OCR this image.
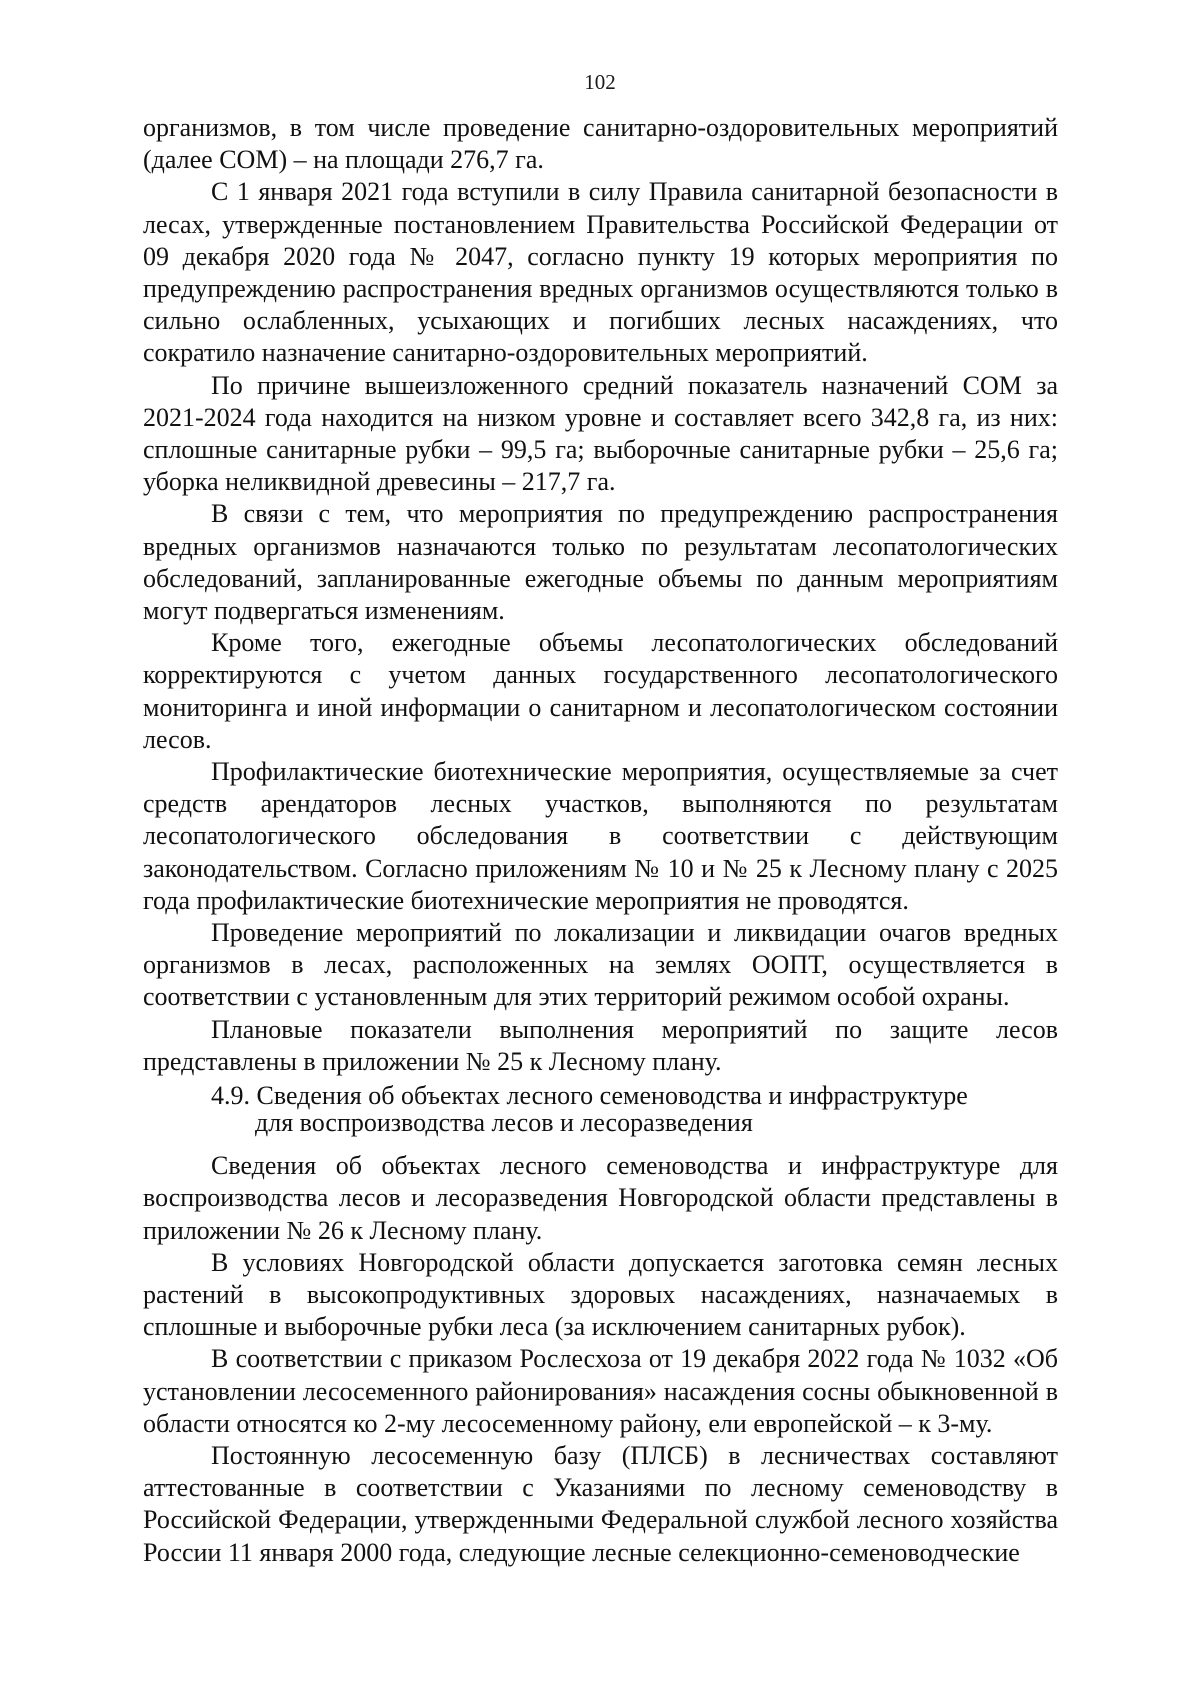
102

организмов, в том числе проведение санитарно-оздоровительных мероприятий (далее СОМ) – на площади 276,7 га.

С 1 января 2021 года вступили в силу Правила санитарной безопасности в лесах, утвержденные постановлением Правительства Российской Федерации от 09 декабря 2020 года № 2047, согласно пункту 19 которых мероприятия по предупреждению распространения вредных организмов осуществляются только в сильно ослабленных, усыхающих и погибших лесных насаждениях, что сократило назначение санитарно-оздоровительных мероприятий.

По причине вышеизложенного средний показатель назначений СОМ за 2021-2024 года находится на низком уровне и составляет всего 342,8 га, из них: сплошные санитарные рубки – 99,5 га; выборочные санитарные рубки – 25,6 га; уборка неликвидной древесины – 217,7 га.

В связи с тем, что мероприятия по предупреждению распространения вредных организмов назначаются только по результатам лесопатологических обследований, запланированные ежегодные объемы по данным мероприятиям могут подвергаться изменениям.

Кроме того, ежегодные объемы лесопатологических обследований корректируются с учетом данных государственного лесопатологического мониторинга и иной информации о санитарном и лесопатологическом состоянии лесов.

Профилактические биотехнические мероприятия, осуществляемые за счет средств арендаторов лесных участков, выполняются по результатам лесопатологического обследования в соответствии с действующим законодательством. Согласно приложениям № 10 и № 25 к Лесному плану с 2025 года профилактические биотехнические мероприятия не проводятся.

Проведение мероприятий по локализации и ликвидации очагов вредных организмов в лесах, расположенных на землях ООПТ, осуществляется в соответствии с установленным для этих территорий режимом особой охраны.

Плановые показатели выполнения мероприятий по защите лесов представлены в приложении № 25 к Лесному плану.

4.9. Сведения об объектах лесного семеноводства и инфраструктуре
для воспроизводства лесов и лесоразведения

Сведения об объектах лесного семеноводства и инфраструктуре для воспроизводства лесов и лесоразведения Новгородской области представлены в приложении № 26 к Лесному плану.

В условиях Новгородской области допускается заготовка семян лесных растений в высокопродуктивных здоровых насаждениях, назначаемых в сплошные и выборочные рубки леса (за исключением санитарных рубок).

В соответствии с приказом Рослесхоза от 19 декабря 2022 года № 1032 «Об установлении лесосеменного районирования» насаждения сосны обыкновенной в области относятся ко 2-му лесосеменному району, ели европейской – к 3-му.

Постоянную лесосеменную базу (ПЛСБ) в лесничествах составляют аттестованные в соответствии с Указаниями по лесному семеноводству в Российской Федерации, утвержденными Федеральной службой лесного хозяйства России 11 января 2000 года, следующие лесные селекционно-семеноводческие
